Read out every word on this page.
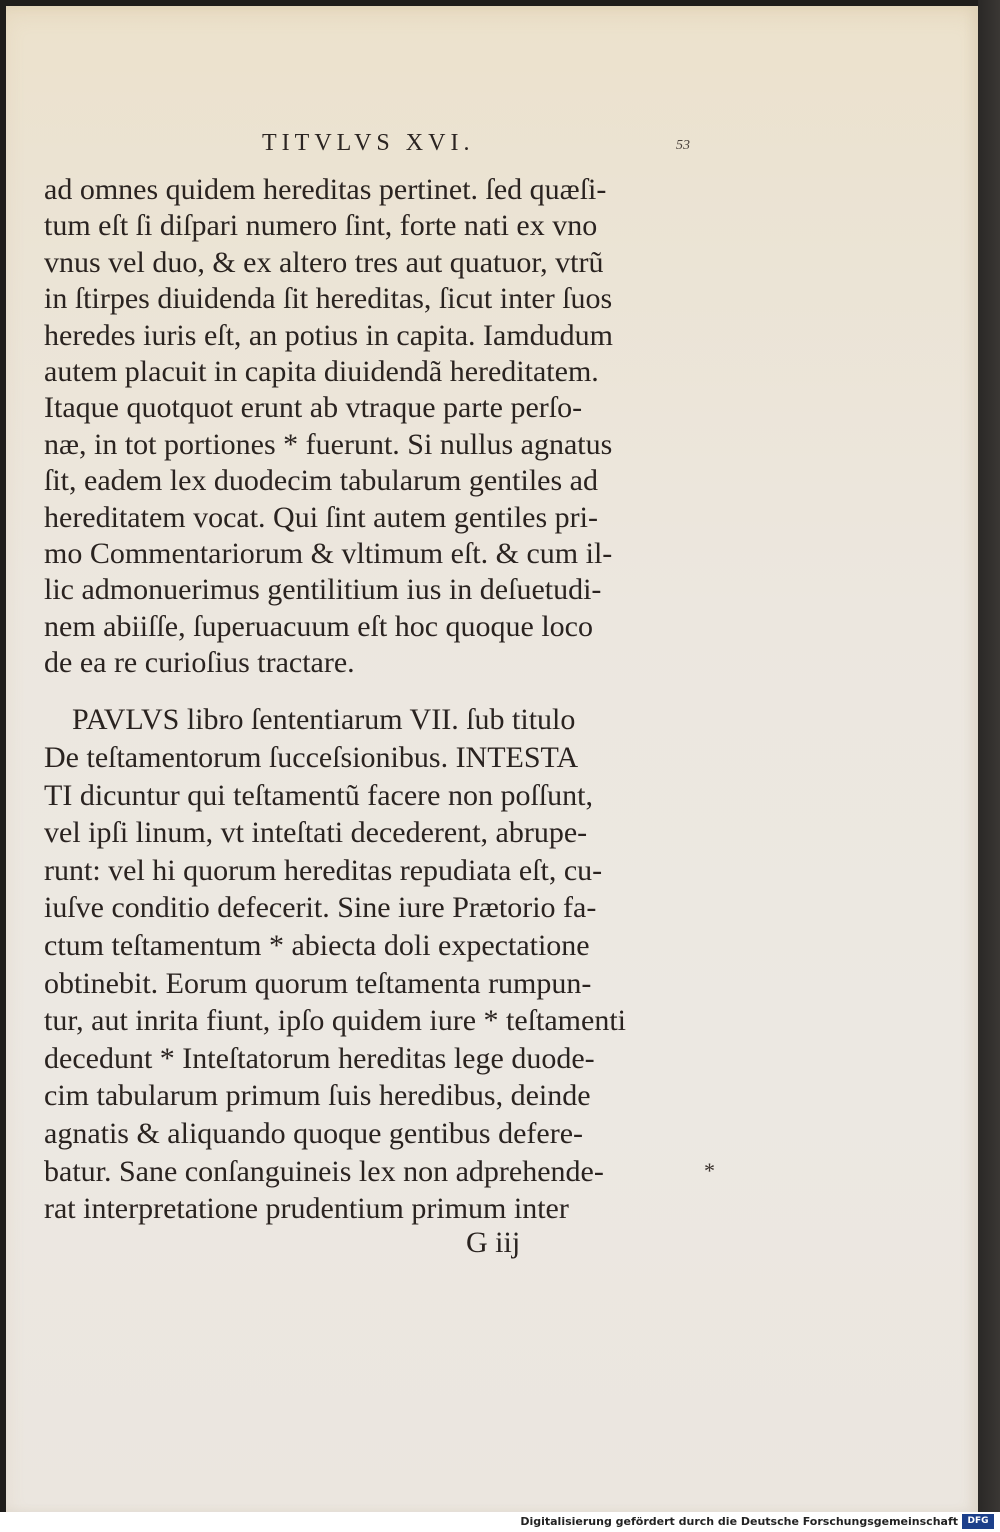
TITVLVS XVI.	53
ad omnes quidem hereditas pertinet. ſed quæſi-
tum eſt ſi diſpari numero ſint, forte nati ex vno
vnus vel duo, & ex altero tres aut quatuor, vtrũ
in ſtirpes diuidenda ſit hereditas, ſicut inter ſuos
heredes iuris eſt, an potius in capita. Iamdudum
autem placuit in capita diuidendã hereditatem.
Itaque quotquot erunt ab vtraque parte perſo-
næ, in tot portiones * fuerunt. Si nullus agnatus
ſit, eadem lex duodecim tabularum gentiles ad
hereditatem vocat. Qui ſint autem gentiles pri-
mo Commentariorum & vltimum eſt. & cum il-
lic admonuerimus gentilitium ius in deſuetudi-
nem abiiſſe, ſuperuacuum eſt hoc quoque loco
de ea re curioſius tractare.
PAVLVS libro ſententiarum VII. ſub titulo
De teſtamentorum ſucceſsionibus. INTESTA
TI dicuntur qui teſtamentũ facere non poſſunt,
vel ipſi linum, vt inteſtati decederent, abrupe-
runt: vel hi quorum hereditas repudiata eſt, cu-
iuſve conditio defecerit. Sine iure Prætorio fa-
ctum teſtamentum * abiecta doli expectatione
obtinebit. Eorum quorum teſtamenta rumpun-
tur, aut inrita fiunt, ipſo quidem iure * teſtamenti
decedunt * Inteſtatorum hereditas lege duode-
cim tabularum primum ſuis heredibus, deinde
agnatis & aliquando quoque gentibus defere-
batur. Sane conſanguineis lex non adprehende-
rat interpretatione prudentium primum inter
*
G iij
Digitalisierung gefördert durch die Deutsche Forschungsgemeinschaft	DFG
